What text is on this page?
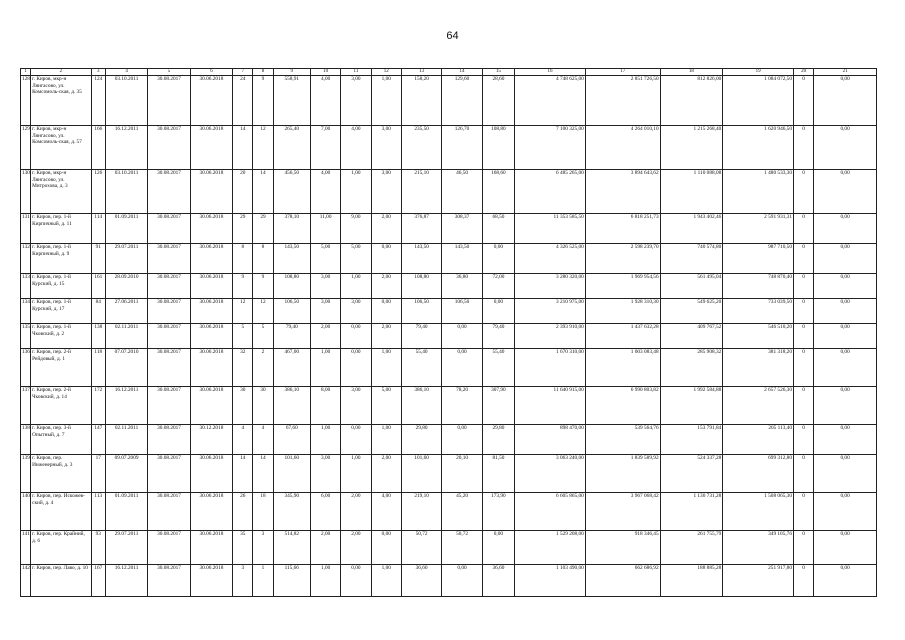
64
1	2	3	4	5	6	7	8	9	10	11	12	13	14	15	16	17	18	19	20	21
128	г. Киров, мкр-н Лянгасово, ул. Комсомоль-ская, д. 35	124	03.10.2011	30.08.2017	30.06.2018	24	9	558,91	4,00	3,00	1,00	158,20	129,60	28,60	4 748 625,00	2 851 726,50	812 826,00	1 084 072,50	0	0,00
129	г. Киров, мкр-н Лянгасово, ул. Комсомоль-ская, д. 57	166	16.12.2011	30.08.2017	30.06.2018	14	12	265,40	7,00	4,00	3,00	235,50	126,70	108,80	7 100 325,00	4 264 010,10	1 215 268,40	1 620 946,50	0	0,00
130	г. Киров, мкр-н Лянгасово, ул. Митрохова, д. 3	126	03.10.2011	30.08.2017	30.06.2018	20	14	456,50	4,00	1,00	3,00	215,10	46,50	168,60	6 485 265,00	3 894 643,62	1 110 088,08	1 480 533,30	0	0,00
131	г. Киров, пер. 1-й Кирпичный, д. 11	114	01.09.2011	30.08.2017	30.06.2018	29	29	378,10	11,00	9,00	2,00	376,87	308,37	68,50	11 353 585,50	6 818 251,73	1 943 402,46	2 591 931,31	0	0,00
132	г. Киров, пер. 1-й Кирпичный, д. 9	91	29.07.2011	30.08.2017	30.06.2018	8	8	143,50	5,00	5,00	0,00	143,50	143,50	0,00	4 326 525,00	2 598 239,70	740 574,80	987 710,50	0	0,00
133	г. Киров, пер. 1-й Курский, д. 15	161	28.09.2010	30.08.2017	30.06.2018	9	9	108,80	3,00	1,00	2,00	108,80	36,80	72,00	3 280 320,00	1 969 954,56	561 495,04	748 870,40	0	0,00
134	г. Киров, пер. 1-й Курский, д. 17	84	27.06.2011	30.08.2017	30.06.2018	12	12	106,50	3,00	3,00	0,00	106,50	106,50	0,00	3 210 975,00	1 928 310,30	549 625,20	733 039,50	0	0,00
135	г. Киров, пер. 1-й Чковский, д. 2	138	02.11.2011	30.08.2017	30.06.2018	5	5	79,40	2,00	0,00	2,00	79,40	0,00	79,40	2 393 910,00	1 437 632,28	409 767,52	546 510,20	0	0,00
136	г. Киров, пер. 2-й Рейдовый, д. 1	118	07.07.2010	30.08.2017	30.06.2018	32	2	467,00	1,00	0,00	1,00	55,40	0,00	55,40	1 670 310,00	1 003 083,48	285 908,32	381 318,20	0	0,00
137	г. Киров, пер. 2-й Чковский, д. 14	172	16.12.2011	30.08.2017	30.06.2018	30	30	386,10	8,00	3,00	5,00	386,10	78,20	307,90	11 640 915,00	6 990 803,82	1 992 584,88	2 657 526,30	0	0,00
138	г. Киров, пер. 3-й Опытный, д. 7	147	02.11.2011	30.08.2017	30.12.2018	4	4	67,60	1,00	0,00	1,00	29,80	0,00	29,80	898 470,00	539 564,76	153 791,84	205 113,40	0	0,00
139	г. Киров, пер. Инженерный, д. 3	17	09.07.2009	30.08.2017	30.06.2018	14	14	101,60	3,00	1,00	2,00	101,60	20,10	81,50	3 063 240,00	1 839 589,92	524 337,28	699 312,80	0	0,00
140	г. Киров, пер. Искожев-ский, д. 4	113	01.09.2011	30.08.2017	30.06.2018	26	18	345,90	6,00	2,00	4,00	219,10	45,20	173,90	6 605 865,00	3 967 068,42	1 130 731,28	1 508 065,30	0	0,00
141	г. Киров, пер. Крайний, д. 6	93	29.07.2011	30.08.2017	30.06.2018	35	3	514,82	2,00	2,00	0,00	50,72	50,72	0,00	1 529 208,00	918 346,45	261 755,79	349 105,76	0	0,00
142	г. Киров, пер. Лаво, д. 10	167	16.12.2011	30.08.2017	30.06.2018	3	1	115,66	1,00	0,00	1,00	36,60	0,00	36,60	1 103 490,00	662 686,92	188 885,28	251 917,80	0	0,00
